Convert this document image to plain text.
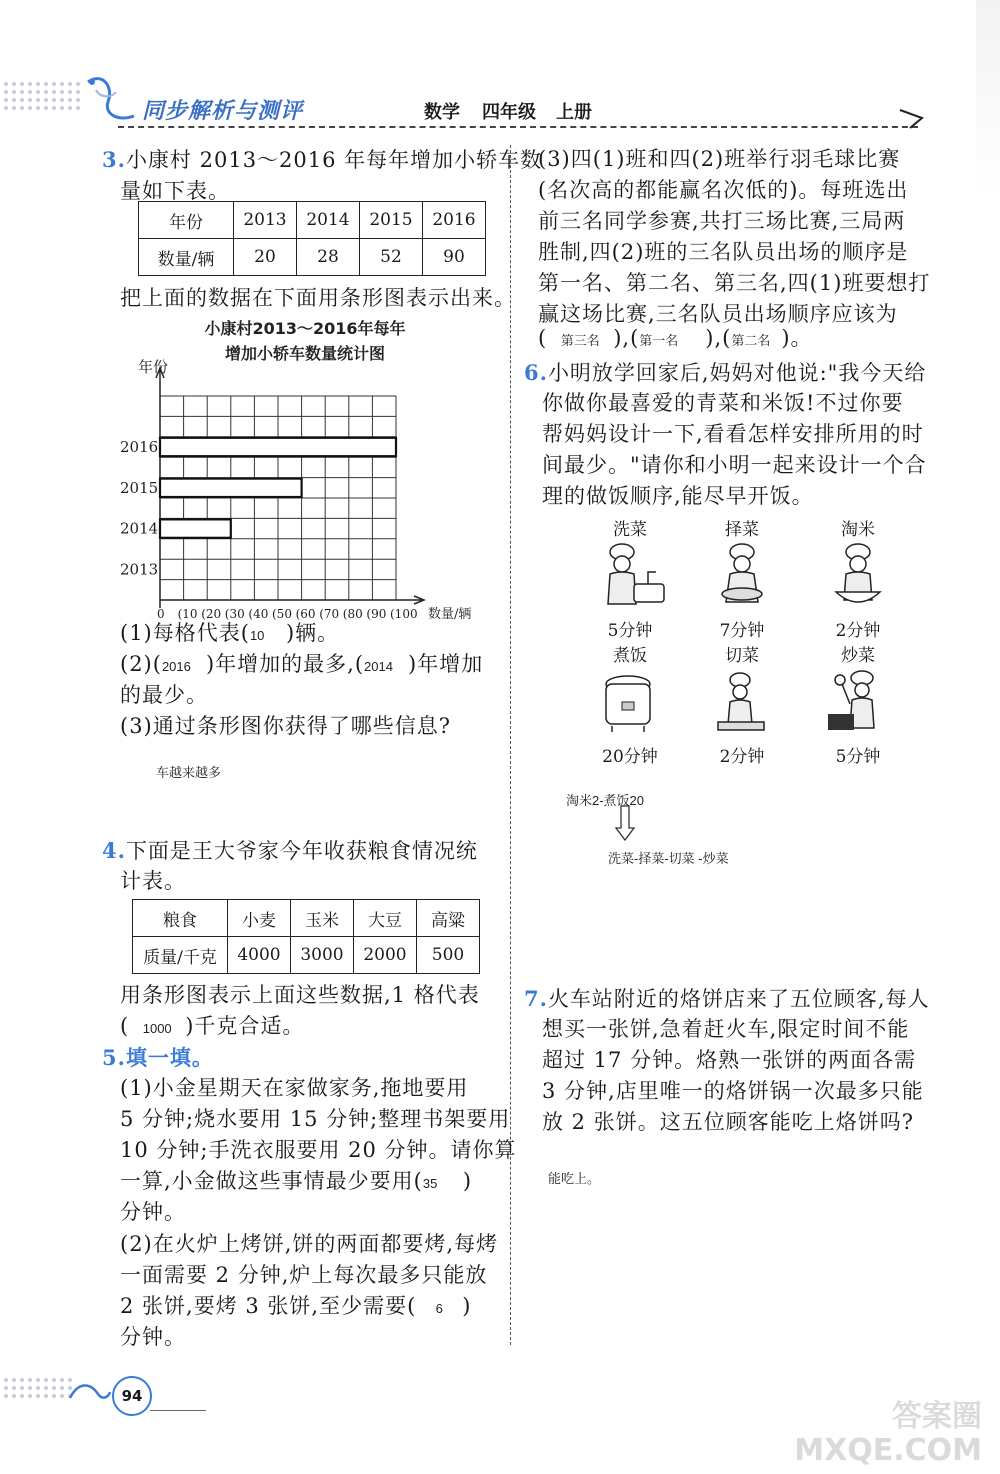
同步解析与测评	数学 四年级 上册
3.小康村 2013～2016 年每年增加小轿车数
量如下表。
年份	2013	2014	2015	2016
数量/辆	20	28	52	90
把上面的数据在下面用条形图表示出来。
小康村2013～2016年每年
增加小轿车数量统计图
年份
0 (10 (20 (30 (40 (50 (60 (70 (80 (90 (100 数量/辆
2013
2014
2015
2016
(1)每格代表(10 )辆。
(2)(2016 )年增加的最多,(2014 )年增加
的最少。
(3)通过条形图你获得了哪些信息?
车越来越多
4.下面是王大爷家今年收获粮食情况统
计表。
粮食	小麦	玉米	大豆	高粱
质量/千克	4000	3000	2000	500
用条形图表示上面这些数据,1 格代表
( 1000 )千克合适。
5.填一填。
(1)小金星期天在家做家务,拖地要用
5 分钟;烧水要用 15 分钟;整理书架要用
10 分钟;手洗衣服要用 20 分钟。请你算
一算,小金做这些事情最少要用(35 )
分钟。
(2)在火炉上烤饼,饼的两面都要烤,每烤
一面需要 2 分钟,炉上每次最多只能放
2 张饼,要烤 3 张饼,至少需要( 6 )
分钟。
(3)四(1)班和四(2)班举行羽毛球比赛
(名次高的都能赢名次低的)。每班选出
前三名同学参赛,共打三场比赛,三局两
胜制,四(2)班的三名队员出场的顺序是
第一名、第二名、第三名,四(1)班要想打
赢这场比赛,三名队员出场顺序应该为
( 第三名 ),(第一名 ),(第二名 )。
6.小明放学回家后,妈妈对他说:"我今天给
你做你最喜爱的青菜和米饭!不过你要
帮妈妈设计一下,看看怎样安排所用的时
间最少。"请你和小明一起来设计一个合
理的做饭顺序,能尽早开饭。
洗菜
5分钟
择菜
7分钟
淘米
2分钟
煮饭
20分钟
切菜
2分钟
炒菜
5分钟
淘米2-煮饭20
洗菜-择菜-切菜 -炒菜
7.火车站附近的烙饼店来了五位顾客,每人
想买一张饼,急着赶火车,限定时间不能
超过 17 分钟。烙熟一张饼的两面各需
3 分钟,店里唯一的烙饼锅一次最多只能
放 2 张饼。这五位顾客能吃上烙饼吗?
能吃上。
94
答案圈 MXQE.COM
